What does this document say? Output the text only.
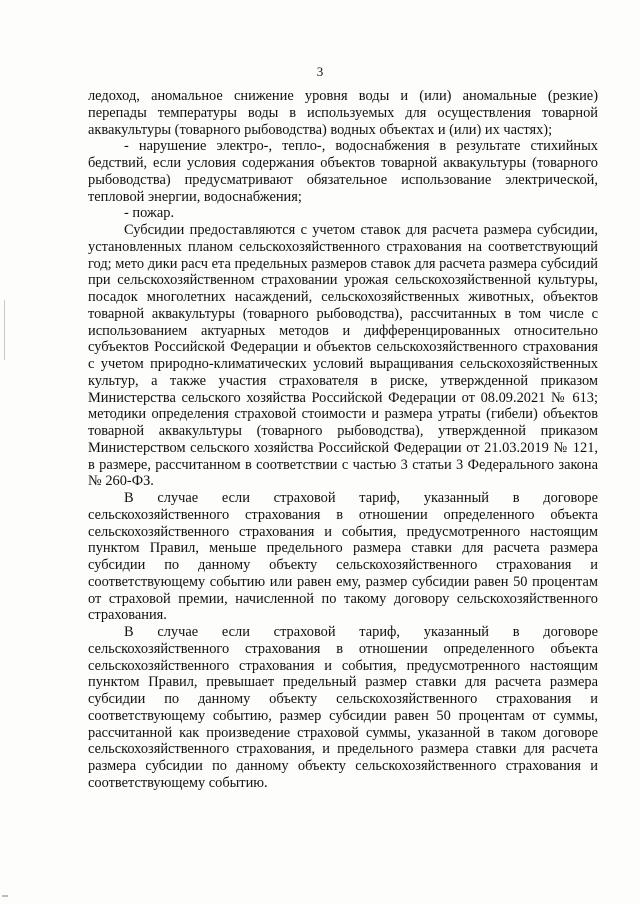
3

ледоход, аномальное снижение уровня воды и (или) аномальные (резкие) перепады температуры воды в используемых для осуществления товарной аквакультуры (товарного рыбоводства) водных объектах и (или) их частях);

- нарушение электро-, тепло-, водоснабжения в результате стихийных бедствий, если условия содержания объектов товарной аквакультуры (товарного рыбоводства) предусматривают обязательное использование электрической, тепловой энергии, водоснабжения;

- пожар.

Субсидии предоставляются с учетом ставок для расчета размера субсидии, установленных планом сельскохозяйственного страхования на соответствующий год; мето дики расч ета предельных размеров ставок для расчета размера субсидий при сельскохозяйственном страховании урожая сельскохозяйственной культуры, посадок многолетних насаждений, сельскохозяйственных животных, объектов товарной аквакультуры (товарного рыбоводства), рассчитанных в том числе с использованием актуарных методов и дифференцированных относительно субъектов Российской Федерации и объектов сельскохозяйственного страхования с учетом природно-климатических условий выращивания сельскохозяйственных культур, а также участия страхователя в риске, утвержденной приказом Министерства сельского хозяйства Российской Федерации от 08.09.2021 № 613; методики определения страховой стоимости и размера утраты (гибели) объектов товарной аквакультуры (товарного рыбоводства), утвержденной приказом Министерством сельского хозяйства Российской Федерации от 21.03.2019 № 121, в размере, рассчитанном в соответствии с частью 3 статьи 3 Федерального закона № 260-ФЗ.

В случае если страховой тариф, указанный в договоре сельскохозяйственного страхования в отношении определенного объекта сельскохозяйственного страхования и события, предусмотренного настоящим пунктом Правил, меньше предельного размера ставки для расчета размера субсидии по данному объекту сельскохозяйственного страхования и соответствующему событию или равен ему, размер субсидии равен 50 процентам от страховой премии, начисленной по такому договору сельскохозяйственного страхования.

В случае если страховой тариф, указанный в договоре сельскохозяйственного страхования в отношении определенного объекта сельскохозяйственного страхования и события, предусмотренного настоящим пунктом Правил, превышает предельный размер ставки для расчета размера субсидии по данному объекту сельскохозяйственного страхования и соответствующему событию, размер субсидии равен 50 процентам от суммы, рассчитанной как произведение страховой суммы, указанной в таком договоре сельскохозяйственного страхования, и предельного размера ставки для расчета размера субсидии по данному объекту сельскохозяйственного страхования и соответствующему событию.
